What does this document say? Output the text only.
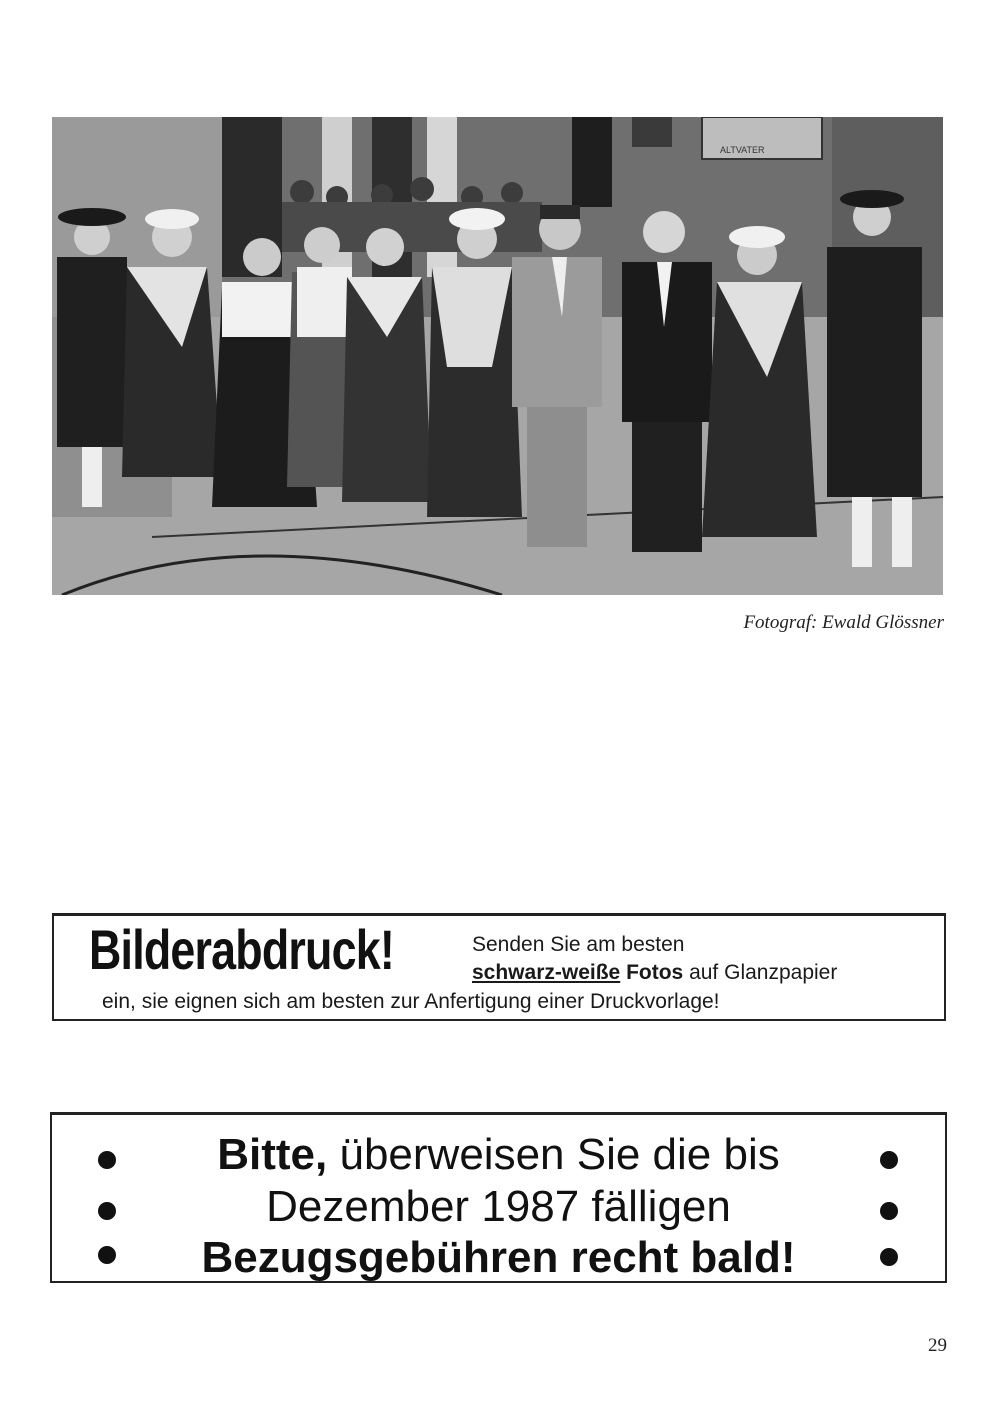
ALTVATER
Fotograf: Ewald Glössner
Bilderabdruck!	Senden Sie am besten
schwarz-weiße Fotos auf Glanzpapier
ein, sie eignen sich am besten zur Anfertigung einer Druckvorlage!
Bitte, überweisen Sie die bis
Dezember 1987 fälligen
Bezugsgebühren recht bald!
29
